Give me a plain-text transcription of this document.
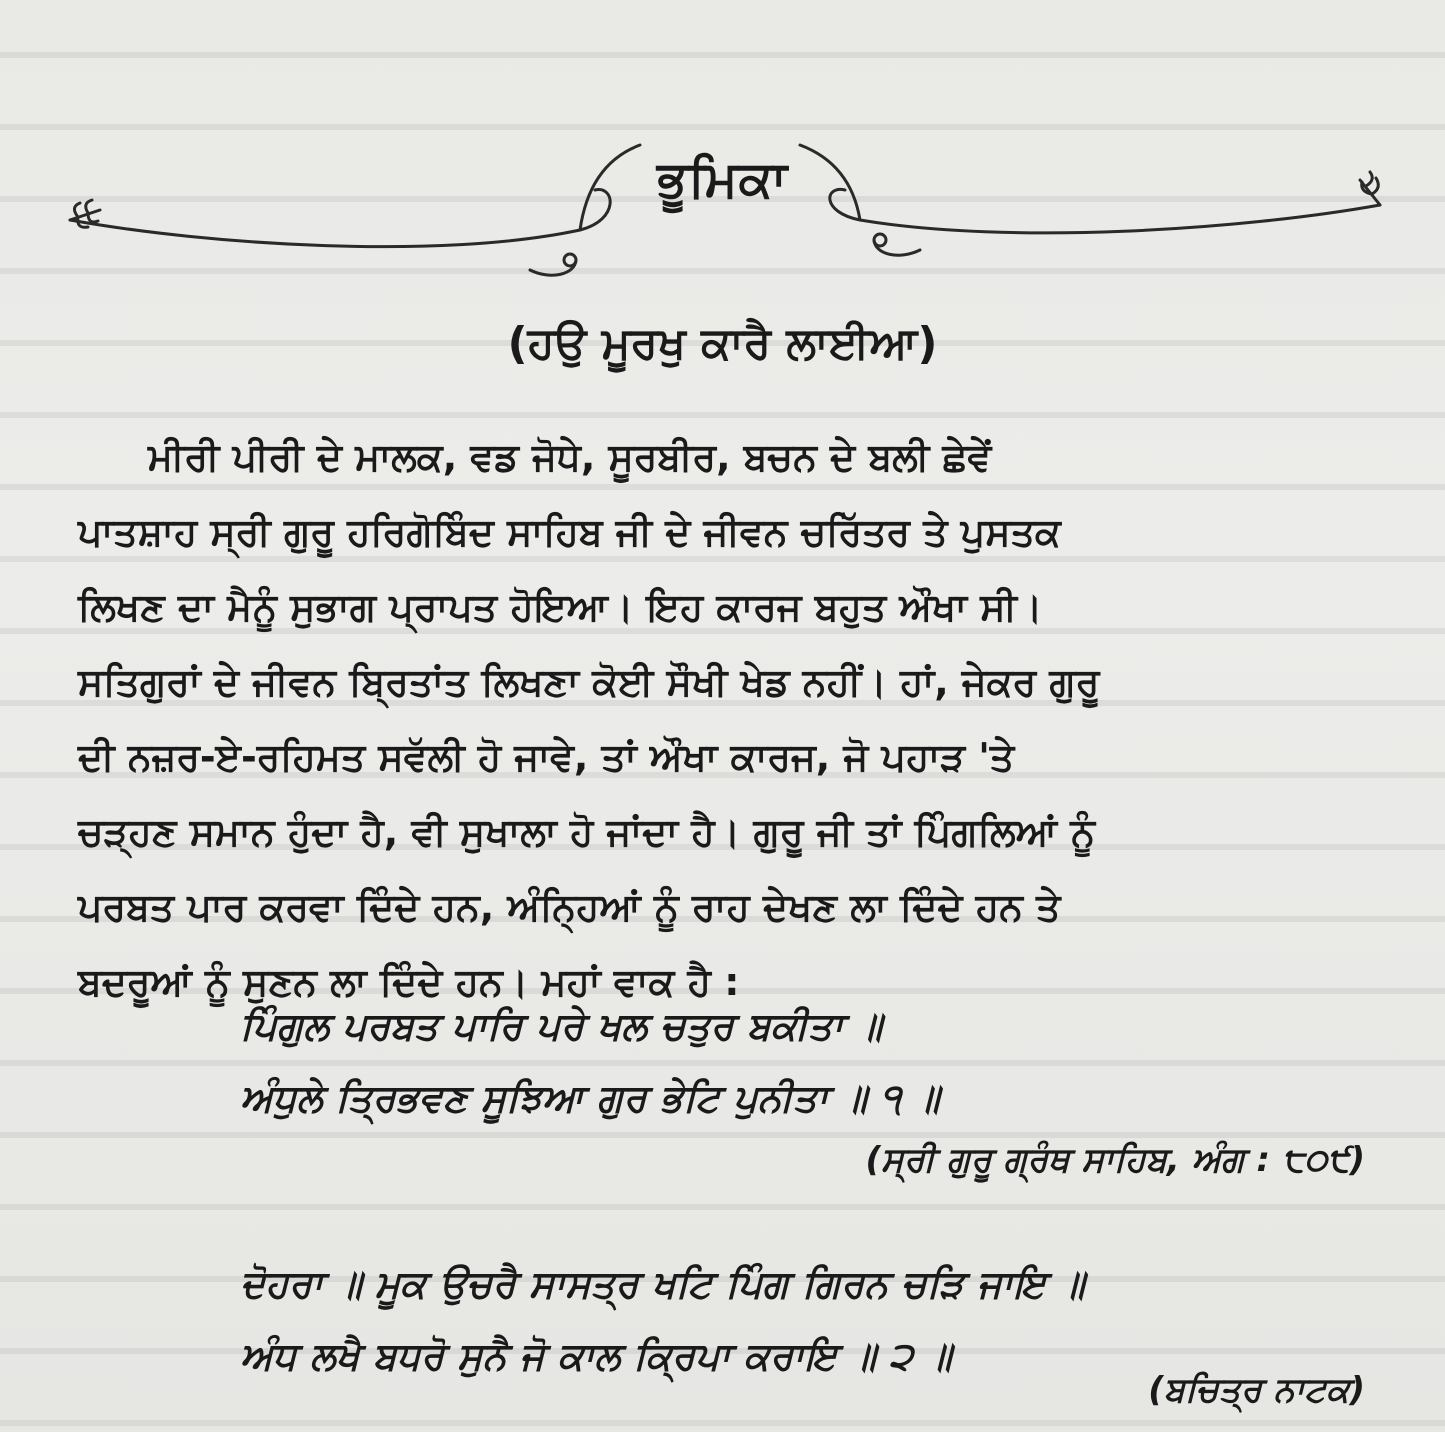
ਭੂਮਿਕਾ
(ਹਉ ਮੂਰਖੁ ਕਾਰੈ ਲਾਈਆ)
ਮੀਰੀ ਪੀਰੀ ਦੇ ਮਾਲਕ, ਵਡ ਜੋਧੇ, ਸੂਰਬੀਰ, ਬਚਨ ਦੇ ਬਲੀ ਛੇਵੇਂ
ਪਾਤਸ਼ਾਹ ਸ੍ਰੀ ਗੁਰੂ ਹਰਿਗੋਬਿੰਦ ਸਾਹਿਬ ਜੀ ਦੇ ਜੀਵਨ ਚਰਿੱਤਰ ਤੇ ਪੁਸਤਕ
ਲਿਖਣ ਦਾ ਮੈਨੂੰ ਸੁਭਾਗ ਪ੍ਰਾਪਤ ਹੋਇਆ। ਇਹ ਕਾਰਜ ਬਹੁਤ ਔਖਾ ਸੀ।
ਸਤਿਗੁਰਾਂ ਦੇ ਜੀਵਨ ਬ੍ਰਿਤਾਂਤ ਲਿਖਣਾ ਕੋਈ ਸੌਖੀ ਖੇਡ ਨਹੀਂ। ਹਾਂ, ਜੇਕਰ ਗੁਰੂ
ਦੀ ਨਜ਼ਰ-ਏ-ਰਹਿਮਤ ਸਵੱਲੀ ਹੋ ਜਾਵੇ, ਤਾਂ ਔਖਾ ਕਾਰਜ, ਜੋ ਪਹਾੜ 'ਤੇ
ਚੜ੍ਹਣ ਸਮਾਨ ਹੁੰਦਾ ਹੈ, ਵੀ ਸੁਖਾਲਾ ਹੋ ਜਾਂਦਾ ਹੈ। ਗੁਰੂ ਜੀ ਤਾਂ ਪਿੰਗਲਿਆਂ ਨੂੰ
ਪਰਬਤ ਪਾਰ ਕਰਵਾ ਦਿੰਦੇ ਹਨ, ਅੰਨ੍ਹਿਆਂ ਨੂੰ ਰਾਹ ਦੇਖਣ ਲਾ ਦਿੰਦੇ ਹਨ ਤੇ
ਬਦਰੂਆਂ ਨੂੰ ਸੁਣਨ ਲਾ ਦਿੰਦੇ ਹਨ। ਮਹਾਂ ਵਾਕ ਹੈ :
ਪਿੰਗੁਲ ਪਰਬਤ ਪਾਰਿ ਪਰੇ ਖਲ ਚਤੁਰ ਬਕੀਤਾ ॥
ਅੰਧੁਲੇ ਤ੍ਰਿਭਵਣ ਸੂਝਿਆ ਗੁਰ ਭੇਟਿ ਪੁਨੀਤਾ ॥ ੧ ॥
(ਸ੍ਰੀ ਗੁਰੂ ਗ੍ਰੰਥ ਸਾਹਿਬ, ਅੰਗ : ੮੦੯)
ਦੋਹਰਾ ॥ ਮੂਕ ਉਚਰੈ ਸਾਸਤ੍ਰ ਖਟਿ ਪਿੰਗ ਗਿਰਨ ਚੜਿ ਜਾਇ ॥
ਅੰਧ ਲਖੈ ਬਧਰੋ ਸੁਨੈ ਜੋ ਕਾਲ ਕ੍ਰਿਪਾ ਕਰਾਇ ॥ ੨ ॥
(ਬਚਿਤ੍ਰ ਨਾਟਕ)
